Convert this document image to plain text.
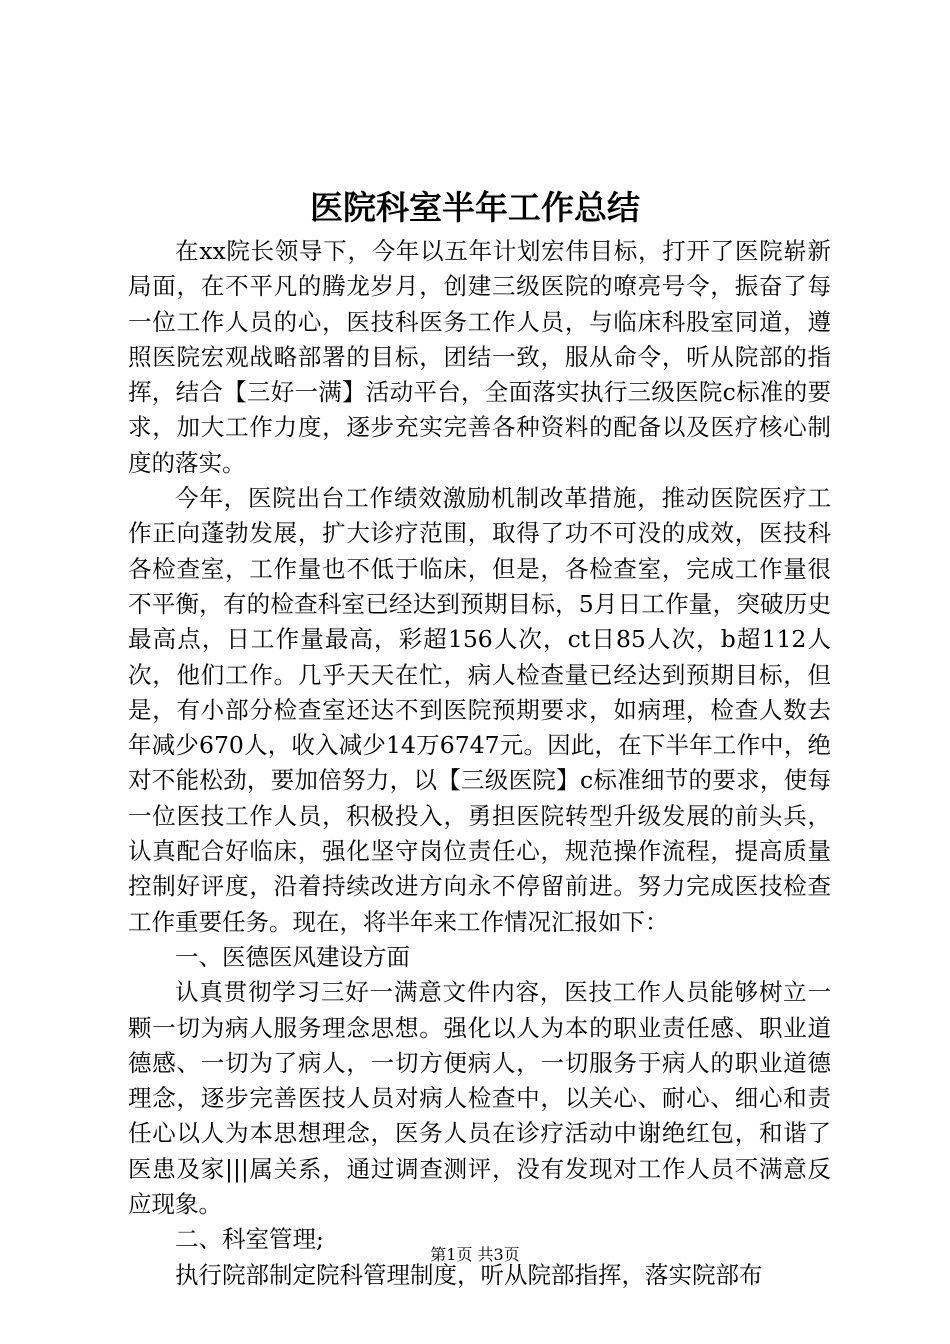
医院科室半年工作总结

在xx院长领导下，今年以五年计划宏伟目标，打开了医院崭新局面，在不平凡的腾龙岁月，创建三级医院的嘹亮号令，振奋了每一位工作人员的心，医技科医务工作人员，与临床科股室同道，遵照医院宏观战略部署的目标，团结一致，服从命令，听从院部的指挥，结合【三好一满】活动平台，全面落实执行三级医院c标准的要求，加大工作力度，逐步充实完善各种资料的配备以及医疗核心制度的落实。

今年，医院出台工作绩效激励机制改革措施，推动医院医疗工作正向蓬勃发展，扩大诊疗范围，取得了功不可没的成效，医技科各检查室，工作量也不低于临床，但是，各检查室，完成工作量很不平衡，有的检查科室已经达到预期目标，5月日工作量，突破历史最高点，日工作量最高，彩超156人次，ct日85人次，b超112人次，他们工作。几乎天天在忙，病人检查量已经达到预期目标，但是，有小部分检查室还达不到医院预期要求，如病理，检查人数去年减少670人，收入减少14万6747元。因此，在下半年工作中，绝对不能松劲，要加倍努力，以【三级医院】c标准细节的要求，使每一位医技工作人员，积极投入，勇担医院转型升级发展的前头兵，认真配合好临床，强化坚守岗位责任心，规范操作流程，提高质量控制好评度，沿着持续改进方向永不停留前进。努力完成医技检查工作重要任务。现在，将半年来工作情况汇报如下：

一、医德医风建设方面

认真贯彻学习三好一满意文件内容，医技工作人员能够树立一颗一切为病人服务理念思想。强化以人为本的职业责任感、职业道德感、一切为了病人，一切方便病人，一切服务于病人的职业道德理念，逐步完善医技人员对病人检查中，以关心、耐心、细心和责任心以人为本思想理念，医务人员在诊疗活动中谢绝红包，和谐了医患及家|||属关系，通过调查测评，没有发现对工作人员不满意反应现象。

二、科室管理;

执行院部制定院科管理制度，听从院部指挥，落实院部布

第1页 共3页
